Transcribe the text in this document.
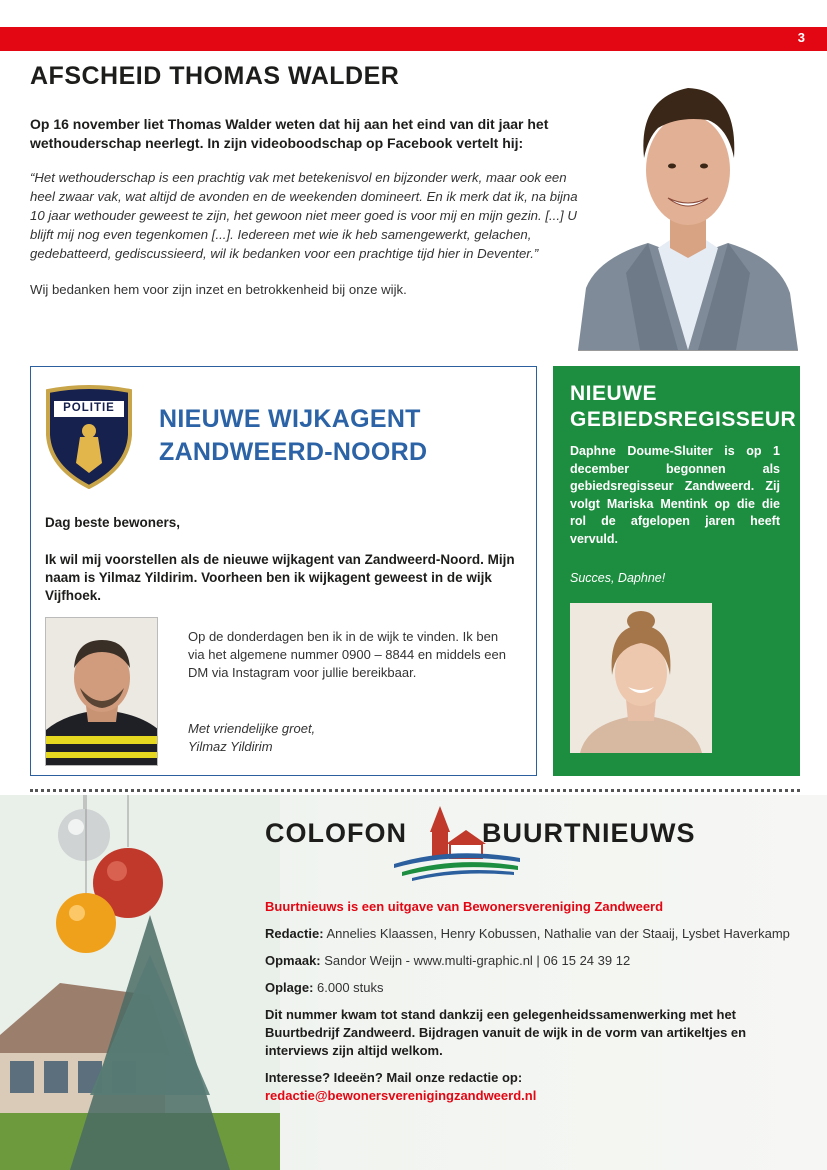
3
AFSCHEID THOMAS WALDER

Op 16 november liet Thomas Walder weten dat hij aan het eind van dit jaar het wethouderschap neerlegt. In zijn videoboodschap op Facebook vertelt hij:

“Het wethouderschap is een prachtig vak met betekenisvol en bijzonder werk, maar ook een heel zwaar vak, wat altijd de avonden en de weekenden domineert. En ik merk dat ik, na bijna 10 jaar wethouder geweest te zijn, het gewoon niet meer goed is voor mij en mijn gezin. [...] U blijft mij nog even tegenkomen [...]. Iedereen met wie ik heb samengewerkt, gelachen, gedebatteerd, gediscussieerd, wil ik bedanken voor een prachtige tijd hier in Deventer.”

Wij bedanken hem voor zijn inzet en betrokkenheid bij onze wijk.

POLITIE NIEUWE WIJKAGENT
ZANDWEERD-NOORD

Dag beste bewoners,

Ik wil mij voorstellen als de nieuwe wijkagent van Zandweerd-Noord. Mijn naam is Yilmaz Yildirim. Voorheen ben ik wijkagent geweest in de wijk Vijfhoek.

Op de donderdagen ben ik in de wijk te vinden. Ik ben via het algemene nummer 0900 – 8844 en middels een DM via Instagram voor jullie bereikbaar.

Met vriendelijke groet,
Yilmaz Yildirim
NIEUWE
GEBIEDSREGISSEUR

Daphne Doume-Sluiter is op 1 december begonnen als gebiedsregisseur Zandweerd. Zij volgt Mariska Mentink op die die rol de afgelopen jaren heeft vervuld.

Succes, Daphne!

COLOFON	BUURTNIEUWS
Buurtnieuws is een uitgave van Bewonersvereniging Zandweerd
Redactie: Annelies Klaassen, Henry Kobussen, Nathalie van der Staaij, Lysbet Haverkamp
Opmaak: Sandor Weijn - www.multi-graphic.nl | 06 15 24 39 12
Oplage: 6.000 stuks
Dit nummer kwam tot stand dankzij een gelegenheidssamenwerking met het Buurtbedrijf Zandweerd. Bijdragen vanuit de wijk in de vorm van artikeltjes en interviews zijn altijd welkom.
Interesse? Ideeën? Mail onze redactie op:
redactie@bewonersverenigingzandweerd.nl
